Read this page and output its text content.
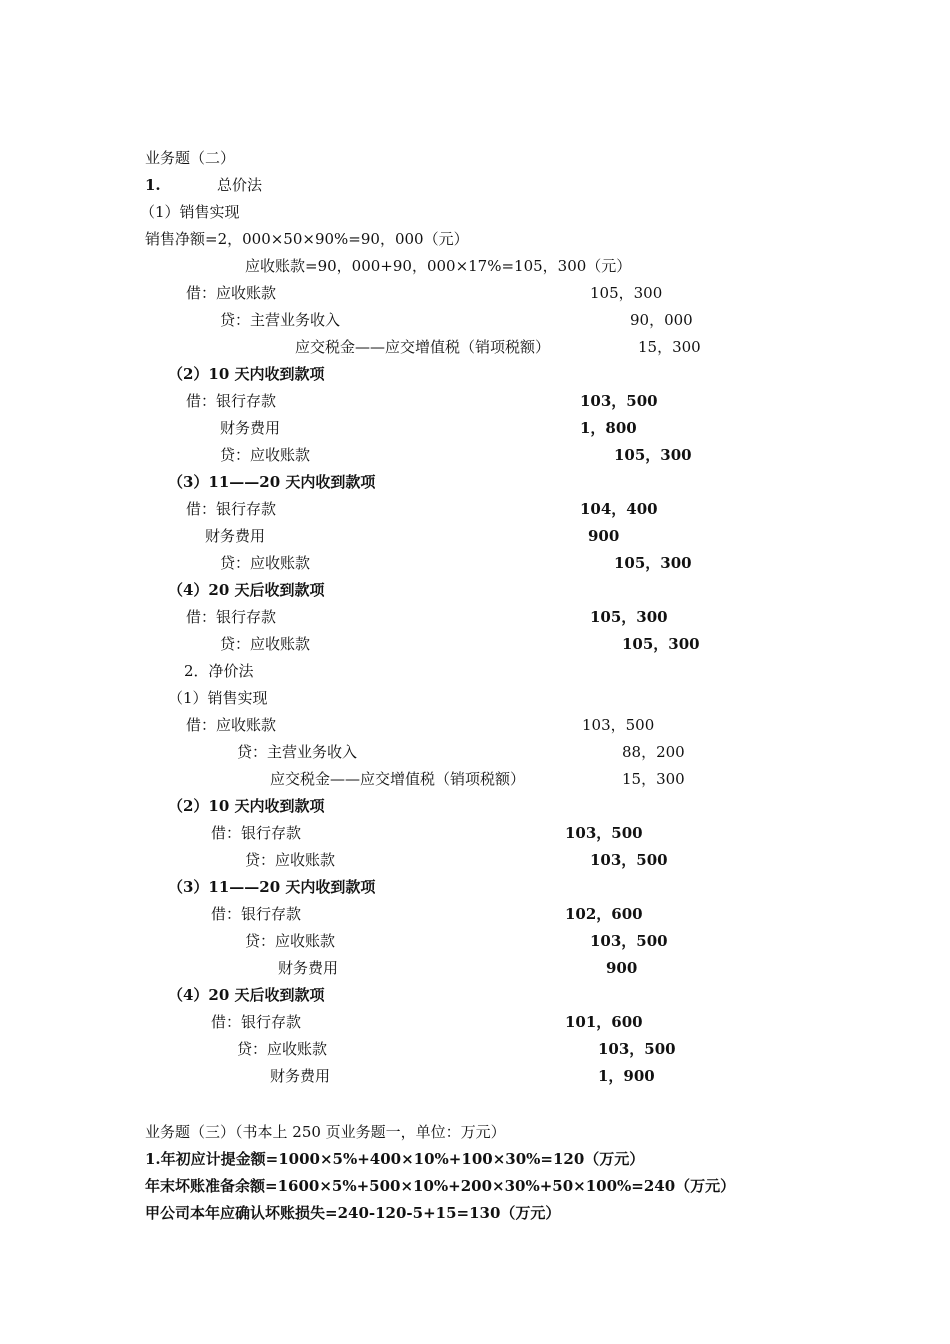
业务题（二）
1.	总价法
（1）销售实现
销售净额=2，000×50×90%=90，000（元）
应收账款=90，000+90，000×17%=105，300（元）
借：应收账款	105，300
贷：主营业务收入	90，000
应交税金——应交增值税（销项税额）	15，300
（2）10 天内收到款项
借：银行存款	103，500
财务费用	1，800
贷：应收账款	105，300
（3）11——20 天内收到款项
借：银行存款	104，400
财务费用	900
贷：应收账款	105，300
（4）20 天后收到款项
借：银行存款	105，300
贷：应收账款	105，300
2．净价法
（1）销售实现
借：应收账款	103，500
贷：主营业务收入	88，200
应交税金——应交增值税（销项税额）	15，300
（2）10 天内收到款项
借：银行存款	103，500
贷：应收账款	103，500
（3）11——20 天内收到款项
借：银行存款	102，600
贷：应收账款	103，500
财务费用	900
（4）20 天后收到款项
借：银行存款	101，600
贷：应收账款	103，500
财务费用	1，900
业务题（三）（书本上 250 页业务题一，单位：万元）
1.年初应计提金额=1000×5%+400×10%+100×30%=120（万元）
年末坏账准备余额=1600×5%+500×10%+200×30%+50×100%=240（万元）
甲公司本年应确认坏账损失=240-120-5+15=130（万元）
